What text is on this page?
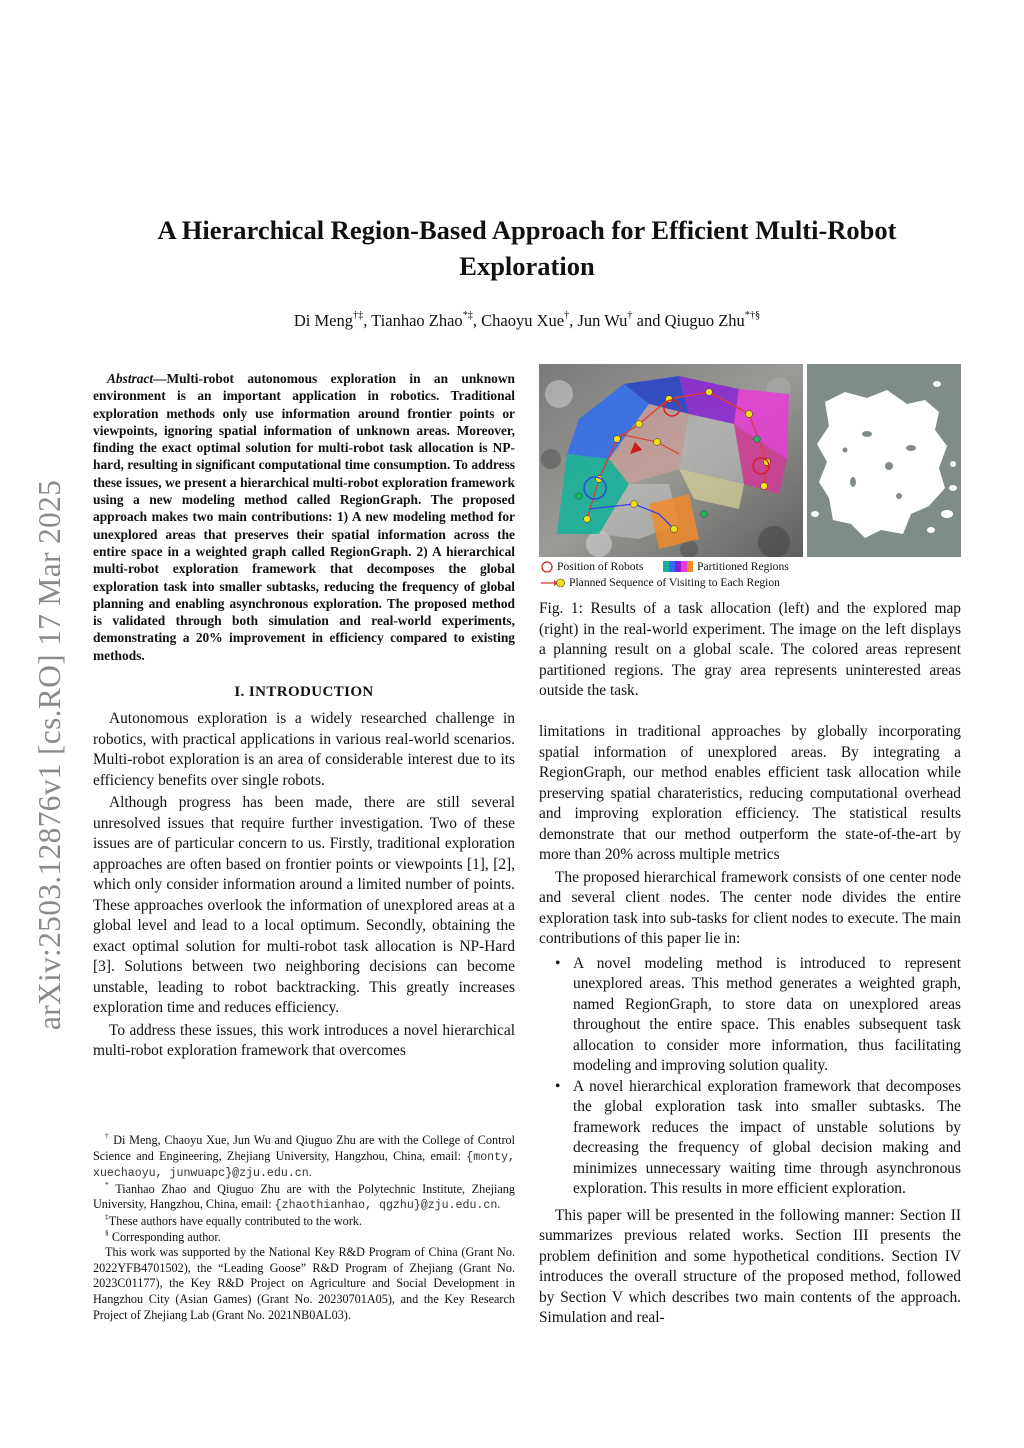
arXiv:2503.12876v1 [cs.RO] 17 Mar 2025
A Hierarchical Region-Based Approach for Efficient Multi-Robot Exploration
Di Meng†‡, Tianhao Zhao*‡, Chaoyu Xue†, Jun Wu† and Qiuguo Zhu*†§

Abstract—Multi-robot autonomous exploration in an unknown environment is an important application in robotics. Traditional exploration methods only use information around frontier points or viewpoints, ignoring spatial information of unknown areas. Moreover, finding the exact optimal solution for multi-robot task allocation is NP-hard, resulting in significant computational time consumption. To address these issues, we present a hierarchical multi-robot exploration framework using a new modeling method called RegionGraph. The proposed approach makes two main contributions: 1) A new modeling method for unexplored areas that preserves their spatial information across the entire space in a weighted graph called RegionGraph. 2) A hierarchical multi-robot exploration framework that decomposes the global exploration task into smaller subtasks, reducing the frequency of global planning and enabling asynchronous exploration. The proposed method is validated through both simulation and real-world experiments, demonstrating a 20% improvement in efficiency compared to existing methods.

I. INTRODUCTION

Autonomous exploration is a widely researched challenge in robotics, with practical applications in various real-world scenarios. Multi-robot exploration is an area of considerable interest due to its efficiency benefits over single robots.

Although progress has been made, there are still several unresolved issues that require further investigation. Two of these issues are of particular concern to us. Firstly, traditional exploration approaches are often based on frontier points or viewpoints [1], [2], which only consider information around a limited number of points. These approaches overlook the information of unexplored areas at a global level and lead to a local optimum. Secondly, obtaining the exact optimal solution for multi-robot task allocation is NP-Hard [3]. Solutions between two neighboring decisions can become unstable, leading to robot backtracking. This greatly increases exploration time and reduces efficiency.

To address these issues, this work introduces a novel hierarchical multi-robot exploration framework that overcomes

† Di Meng, Chaoyu Xue, Jun Wu and Qiuguo Zhu are with the College of Control Science and Engineering, Zhejiang University, Hangzhou, China, email: {monty, xuechaoyu, junwuapc}@zju.edu.cn.

* Tianhao Zhao and Qiuguo Zhu are with the Polytechnic Institute, Zhejiang University, Hangzhou, China, email: {zhaothianhao, qgzhu}@zju.edu.cn.

‡These authors have equally contributed to the work.

§ Corresponding author.

This work was supported by the National Key R&D Program of China (Grant No. 2022YFB4701502), the “Leading Goose” R&D Program of Zhejiang (Grant No. 2023C01177), the Key R&D Project on Agriculture and Social Development in Hangzhou City (Asian Games) (Grant No. 20230701A05), and the Key Research Project of Zhejiang Lab (Grant No. 2021NB0AL03).

Position of Robots	Partitioned Regions
Planned Sequence of Visiting to Each Region

Fig. 1: Results of a task allocation (left) and the explored map (right) in the real-world experiment. The image on the left displays a planning result on a global scale. The colored areas represent partitioned regions. The gray area represents uninterested areas outside the task.

limitations in traditional approaches by globally incorporating spatial information of unexplored areas. By integrating a RegionGraph, our method enables efficient task allocation while preserving spatial charateristics, reducing computational overhead and improving exploration efficiency. The statistical results demonstrate that our method outperform the state-of-the-art by more than 20% across multiple metrics

The proposed hierarchical framework consists of one center node and several client nodes. The center node divides the entire exploration task into sub-tasks for client nodes to execute. The main contributions of this paper lie in:

• A novel modeling method is introduced to represent unexplored areas. This method generates a weighted graph, named RegionGraph, to store data on unexplored areas throughout the entire space. This enables subsequent task allocation to consider more information, thus facilitating modeling and improving solution quality.
• A novel hierarchical exploration framework that decomposes the global exploration task into smaller subtasks. The framework reduces the impact of unstable solutions by decreasing the frequency of global decision making and minimizes unnecessary waiting time through asynchronous exploration. This results in more efficient exploration.

This paper will be presented in the following manner: Section II summarizes previous related works. Section III presents the problem definition and some hypothetical conditions. Section IV introduces the overall structure of the proposed method, followed by Section V which describes two main contents of the approach. Simulation and real-
